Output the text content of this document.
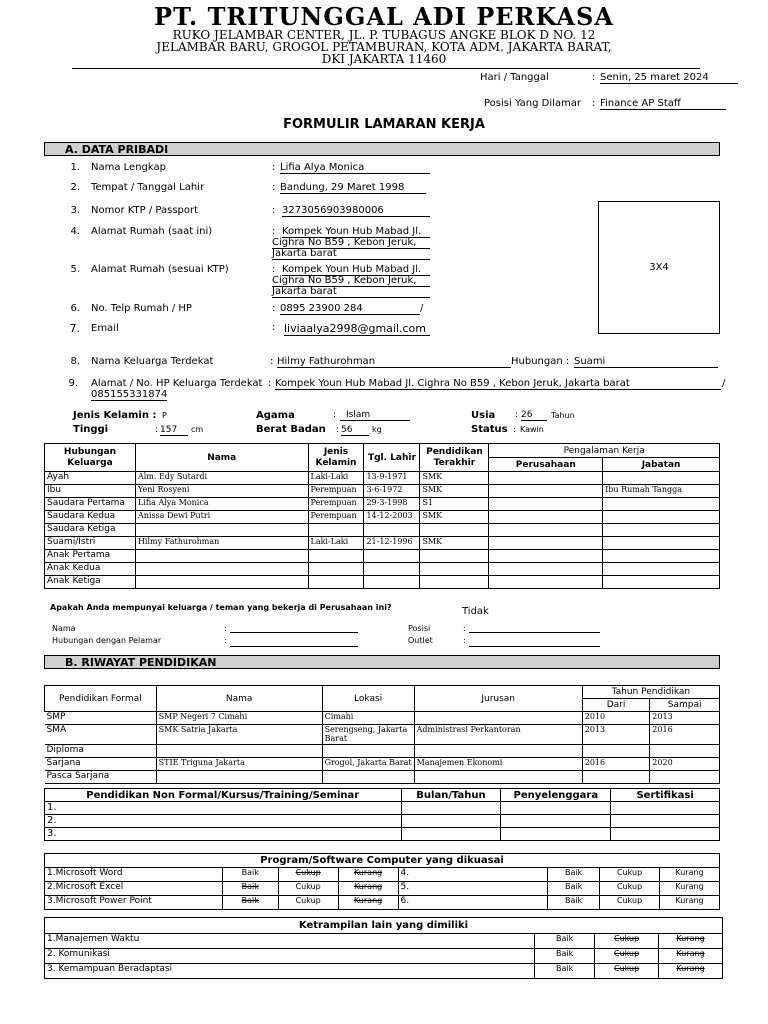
PT. TRITUNGGAL ADI PERKASA
RUKO JELAMBAR CENTER, JL. P. TUBAGUS ANGKE BLOK D NO. 12
JELAMBAR BARU, GROGOL PETAMBURAN, KOTA ADM. JAKARTA BARAT,
DKI JAKARTA 11460
Hari / Tanggal	: Senin, 25 maret 2024
Posisi Yang Dilamar : Finance AP Staff
FORMULIR LAMARAN KERJA
A. DATA PRIBADI
1. Nama Lengkap	: Lifia Alya Monica
2. Tempat / Tanggal Lahir	: Bandung, 29 Maret 1998
3. Nomor KTP / Passport	: 3273056903980006
4. Alamat Rumah (saat ini)	: Kompek Youn Hub Mabad Jl.
Cighra No B59 , Kebon Jeruk,
Jakarta barat
5. Alamat Rumah (sesuai KTP)	: Kompek Youn Hub Mabad Jl.
Cighra No B59 , Kebon Jeruk,
Jakarta barat
6. No. Telp Rumah / HP	: 0895 23900 284	/
7. Email	: liviaalya2998@gmail.com
8. Nama Keluarga Terdekat	: Hilmy Fathurohman	Hubungan : Suami
9. Alamat / No. HP Keluarga Terdekat : Kompek Youn Hub Mabad Jl. Cighra No B59 , Kebon Jeruk, Jakarta barat	/
085155331874
3X4
Jenis Kelamin : P	Agama	:	Islam	Usia : 26	Tahun
Tinggi	: 157	cm	Berat Badan : 56	kg	Status : Kawin
Hubungan Keluarga	Nama	Jenis Kelamin	Tgl. Lahir	Pendidikan Terakhir	Pengalaman Kerja	
					Perusahaan	Jabatan
Ayah	Alm. Edy Sutardi	Laki-Laki	13-9-1971	SMK		
Ibu	Yeni Rosyeni	Perempuan	3-6-1972	SMK		Ibu Rumah Tangga
Saudara Pertama	Lifia Alya Monica	Perempuan	29-3-1998	S1		
Saudara Kedua	Anissa Dewi Putri	Perempuan	14-12-2003	SMK		
Saudara Ketiga						
Suami/Istri	Hilmy Fathurohman	Laki-Laki	21-12-1996	SMK		
Anak Pertama						
Anak Kedua						
Anak Ketiga						
Apakah Anda mempunyai keluarga / teman yang bekerja di Perusahaan ini?	Tidak
Nama	:
Hubungan dengan Pelamar	:
Posisi	:
Outlet	:
B. RIWAYAT PENDIDIKAN
Pendidikan Formal	Nama	Lokasi	Jurusan	Tahun Pendidikan	
				Dari	Sampai
SMP	SMP Negeri 7 Cimahi	Cimahi		2010	2013
SMA	SMK Satria Jakarta	Serengseng, Jakarta
Barat	Administrasi Perkantoran	2013	2016
Diploma		

Sarjana	STIE Triguna Jakarta	Grogol, Jakarta Barat	Manajemen Ekonomi	2016	2020
Pasca Sarjana		

Pendidikan Non Formal/Kursus/Training/Seminar	Bulan/Tahun	Penyelenggara	Sertifikasi
1.			
2.			
3.			
Program/Software Computer yang dikuasai							
1.Microsoft Word	Baik	Cukup	Kurang	4.	Baik	Cukup	Kurang
2.Microsoft Excel	Baik	Cukup	Kurang	5.	Baik	Cukup	Kurang
3.Microsoft Power Point	Baik	Cukup	Kurang	6.	Baik	Cukup	Kurang
Ketrampilan lain yang dimiliki			
1.Manajemen Waktu	Baik	Cukup	Kurang
2. Komunikasi	Baik	Cukup	Kurang
3. Kemampuan Beradaptasi	Baik	Cukup	Kurang
